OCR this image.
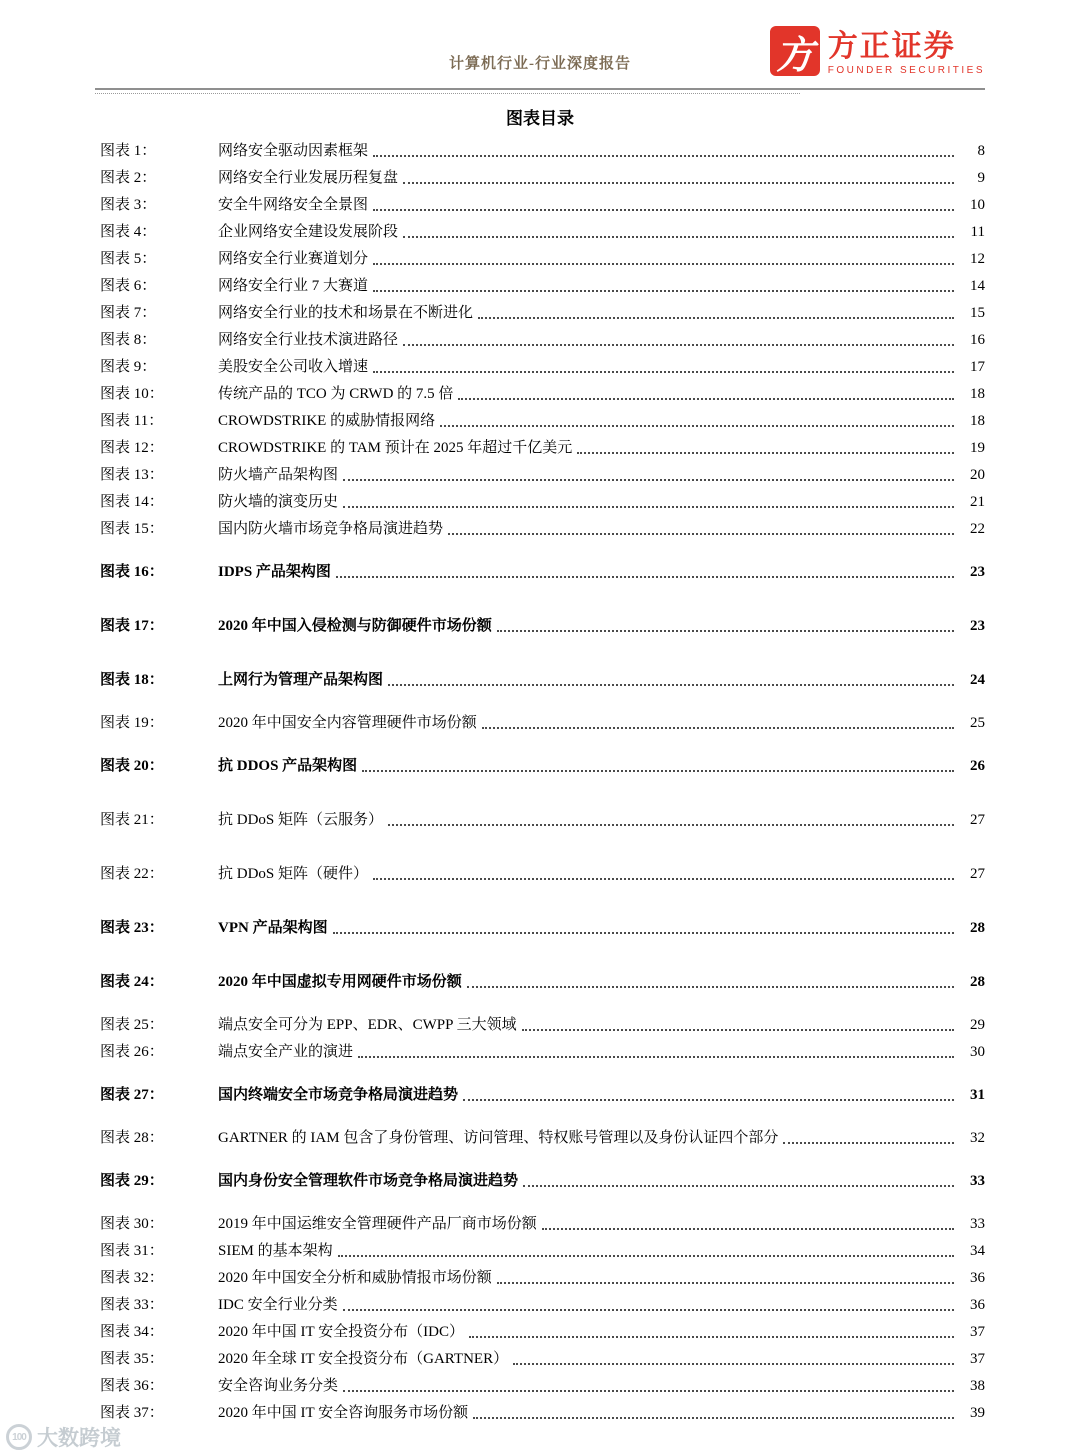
计算机行业-行业深度报告	方 方正证券
FOUNDER SECURITIES
图表目录
图表 1：	网络安全驱动因素框架	8
图表 2：	网络安全行业发展历程复盘	9
图表 3：	安全牛网络安全全景图	10
图表 4：	企业网络安全建设发展阶段	11
图表 5：	网络安全行业赛道划分	12
图表 6：	网络安全行业 7 大赛道	14
图表 7：	网络安全行业的技术和场景在不断进化	15
图表 8：	网络安全行业技术演进路径	16
图表 9：	美股安全公司收入增速	17
图表 10：	传统产品的 TCO 为 CRWD 的 7.5 倍	18
图表 11：	CROWDSTRIKE 的威胁情报网络	18
图表 12：	CROWDSTRIKE 的 TAM 预计在 2025 年超过千亿美元	19
图表 13：	防火墙产品架构图	20
图表 14：	防火墙的演变历史	21
图表 15：	国内防火墙市场竞争格局演进趋势	22
图表 16：	IDPS 产品架构图	23
图表 17：	2020 年中国入侵检测与防御硬件市场份额	23
图表 18：	上网行为管理产品架构图	24
图表 19：	2020 年中国安全内容管理硬件市场份额	25
图表 20：	抗 DDOS 产品架构图	26
图表 21：	抗 DDoS 矩阵（云服务）	27
图表 22：	抗 DDoS 矩阵（硬件）	27
图表 23：	VPN 产品架构图	28
图表 24：	2020 年中国虚拟专用网硬件市场份额	28
图表 25：	端点安全可分为 EPP、EDR、CWPP 三大领域	29
图表 26：	端点安全产业的演进	30
图表 27：	国内终端安全市场竞争格局演进趋势	31
图表 28：	GARTNER 的 IAM 包含了身份管理、访问管理、特权账号管理以及身份认证四个部分	32
图表 29：	国内身份安全管理软件市场竞争格局演进趋势	33
图表 30：	2019 年中国运维安全管理硬件产品厂商市场份额	33
图表 31：	SIEM 的基本架构	34
图表 32：	2020 年中国安全分析和威胁情报市场份额	36
图表 33：	IDC 安全行业分类	36
图表 34：	2020 年中国 IT 安全投资分布（IDC）	37
图表 35：	2020 年全球 IT 安全投资分布（GARTNER）	37
图表 36：	安全咨询业务分类	38
图表 37：	2020 年中国 IT 安全咨询服务市场份额	39
100 大数跨境
